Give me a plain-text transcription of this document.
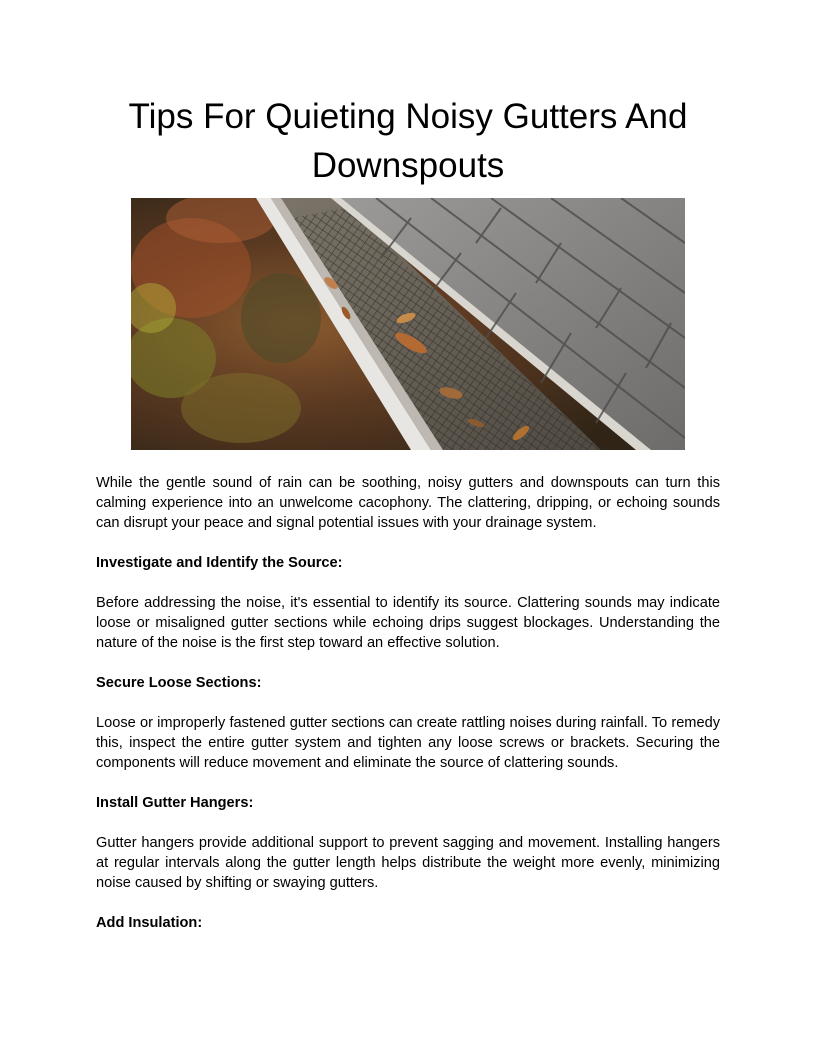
Tips For Quieting Noisy Gutters And Downspouts

While the gentle sound of rain can be soothing, noisy gutters and downspouts can turn this calming experience into an unwelcome cacophony. The clattering, dripping, or echoing sounds can disrupt your peace and signal potential issues with your drainage system.

Investigate and Identify the Source:

Before addressing the noise, it's essential to identify its source. Clattering sounds may indicate loose or misaligned gutter sections while echoing drips suggest blockages. Understanding the nature of the noise is the first step toward an effective solution.

Secure Loose Sections:

Loose or improperly fastened gutter sections can create rattling noises during rainfall. To remedy this, inspect the entire gutter system and tighten any loose screws or brackets. Securing the components will reduce movement and eliminate the source of clattering sounds.

Install Gutter Hangers:

Gutter hangers provide additional support to prevent sagging and movement. Installing hangers at regular intervals along the gutter length helps distribute the weight more evenly, minimizing noise caused by shifting or swaying gutters.

Add Insulation:
